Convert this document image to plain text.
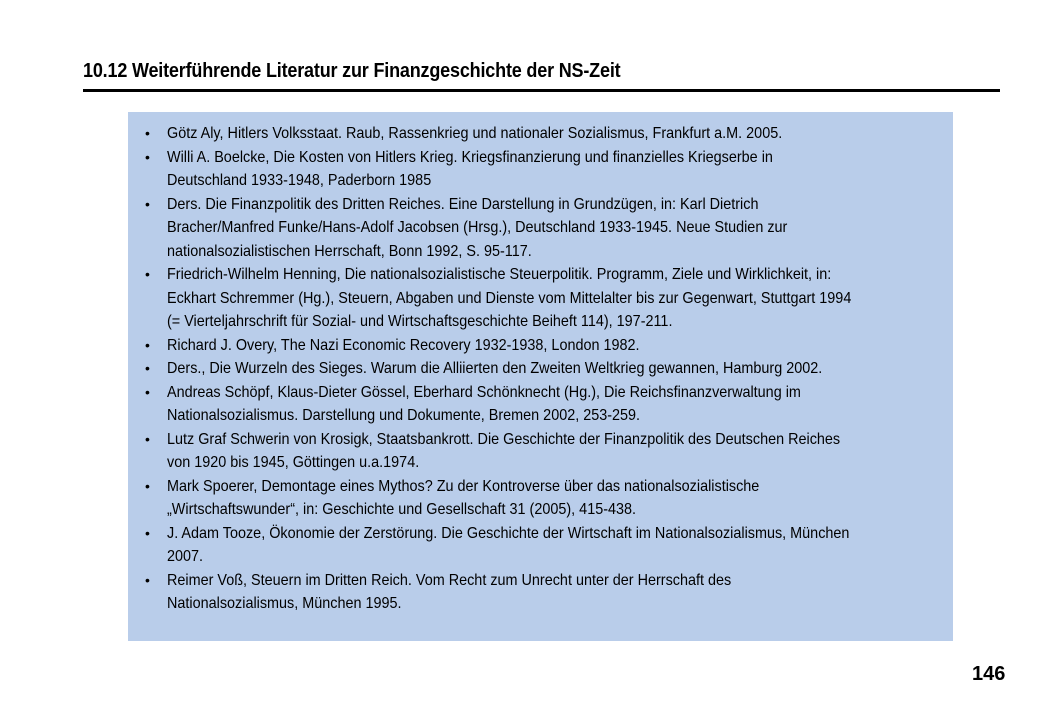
10.12 Weiterführende Literatur zur Finanzgeschichte der NS-Zeit
• Götz Aly, Hitlers Volksstaat. Raub, Rassenkrieg und nationaler Sozialismus, Frankfurt a.M. 2005.
• Willi A. Boelcke, Die Kosten von Hitlers Krieg. Kriegsfinanzierung und finanzielles Kriegserbe in
Deutschland 1933-1948, Paderborn 1985
• Ders. Die Finanzpolitik des Dritten Reiches. Eine Darstellung in Grundzügen, in: Karl Dietrich
Bracher/Manfred Funke/Hans-Adolf Jacobsen (Hrsg.), Deutschland 1933-1945. Neue Studien zur
nationalsozialistischen Herrschaft, Bonn 1992, S. 95-117.
• Friedrich-Wilhelm Henning, Die nationalsozialistische Steuerpolitik. Programm, Ziele und Wirklichkeit, in:
Eckhart Schremmer (Hg.), Steuern, Abgaben und Dienste vom Mittelalter bis zur Gegenwart, Stuttgart 1994
(= Vierteljahrschrift für Sozial- und Wirtschaftsgeschichte Beiheft 114), 197-211.
• Richard J. Overy, The Nazi Economic Recovery 1932-1938, London 1982.
• Ders., Die Wurzeln des Sieges. Warum die Alliierten den Zweiten Weltkrieg gewannen, Hamburg 2002.
• Andreas Schöpf, Klaus-Dieter Gössel, Eberhard Schönknecht (Hg.), Die Reichsfinanzverwaltung im
Nationalsozialismus. Darstellung und Dokumente, Bremen 2002, 253-259.
• Lutz Graf Schwerin von Krosigk, Staatsbankrott. Die Geschichte der Finanzpolitik des Deutschen Reiches
von 1920 bis 1945, Göttingen u.a.1974.
• Mark Spoerer, Demontage eines Mythos? Zu der Kontroverse über das nationalsozialistische
„Wirtschaftswunder“, in: Geschichte und Gesellschaft 31 (2005), 415-438.
• J. Adam Tooze, Ökonomie der Zerstörung. Die Geschichte der Wirtschaft im Nationalsozialismus, München
2007.
• Reimer Voß, Steuern im Dritten Reich. Vom Recht zum Unrecht unter der Herrschaft des
Nationalsozialismus, München 1995.
146
